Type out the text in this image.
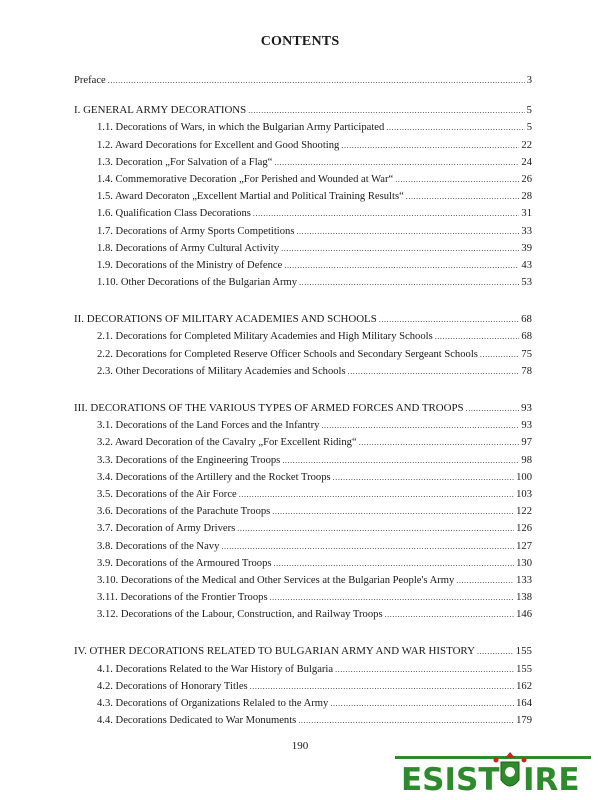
CONTENTS
Preface .....	3
I. GENERAL ARMY DECORATIONS .....	5
1.1. Decorations of Wars, in which the Bulgarian Army Participated .....	5
1.2. Award Decorations for Excellent and Good Shooting .....	22
1.3. Decoration „For Salvation of a Flag“ .....	24
1.4. Commemorative Decoration „For Perished and Wounded at War“ .....	26
1.5. Award Decoraton „Excellent Martial and Political Training Results“ .....	28
1.6. Qualification Class Decorations .....	31
1.7. Decorations of Army Sports Competitions .....	33
1.8. Decorations of Army Cultural Activity .....	39
1.9. Decorations of the Ministry of Defence .....	43
1.10. Other Decorations of the Bulgarian Army .....	53
II. DECORATIONS OF MILITARY ACADEMIES AND SCHOOLS .....	68
2.1. Decorations for Completed Military Academies and High Military Schools .....	68
2.2. Decorations for Completed Reserve Officer Schools and Secondary Sergeant Schools .....	75
2.3. Other Decorations of Military Academies and Schools .....	78
III. DECORATIONS OF THE VARIOUS TYPES OF ARMED FORCES AND TROOPS .....	93
3.1. Decorations of the Land Forces and the Infantry .....	93
3.2. Award Decoration of the Cavalry „For Excellent Riding“ .....	97
3.3. Decorations of the Engineering Troops .....	98
3.4. Decorations of the Artillery and the Rocket Troops .....	100
3.5. Decorations of the Air Force .....	103
3.6. Decorations of the Parachute Troops .....	122
3.7. Decoration of Army Drivers .....	126
3.8. Decorations of the Navy .....	127
3.9. Decorations of the Armoured Troops .....	130
3.10. Decorations of the Medical and Other Services at the Bulgarian People's Army .....	133
3.11. Decorations of the Frontier Troops .....	138
3.12. Decorations of the Labour, Construction, and Railway Troops .....	146
IV. OTHER DECORATIONS RELATED TO BULGARIAN ARMY AND WAR HISTORY .....	155
4.1. Decorations Related to the War History of Bulgaria .....	155
4.2. Decorations of Honorary Titles .....	162
4.3. Decorations of Organizations Relaled to the Army .....	164
4.4. Decorations Dedicated to War Monuments .....	179
190
ESIST IRE
